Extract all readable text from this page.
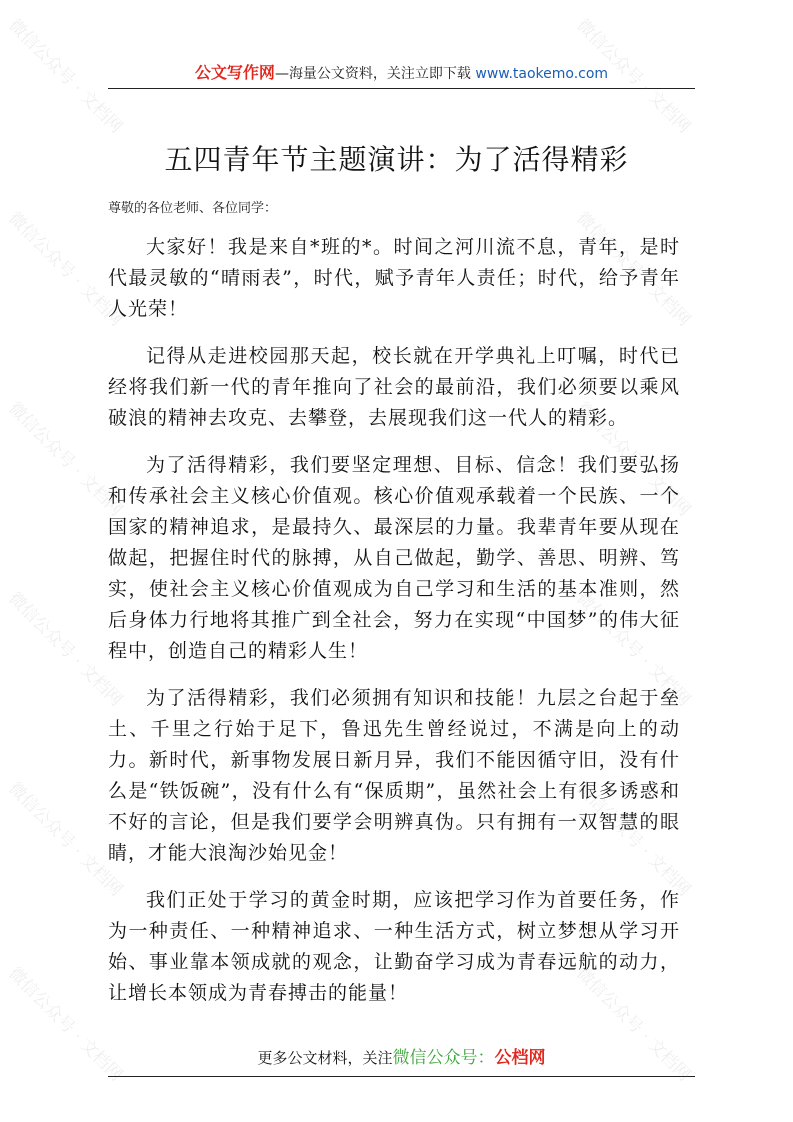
公文写作网—海量公文资料，关注立即下载 www.taokemo.com
五四青年节主题演讲：为了活得精彩
尊敬的各位老师、各位同学：

大家好！我是来自*班的*。时间之河川流不息，青年，是时代最灵敏的“晴雨表”，时代，赋予青年人责任；时代，给予青年人光荣！

记得从走进校园那天起，校长就在开学典礼上叮嘱，时代已经将我们新一代的青年推向了社会的最前沿，我们必须要以乘风破浪的精神去攻克、去攀登，去展现我们这一代人的精彩。

为了活得精彩，我们要坚定理想、目标、信念！我们要弘扬和传承社会主义核心价值观。核心价值观承载着一个民族、一个国家的精神追求，是最持久、最深层的力量。我辈青年要从现在做起，把握住时代的脉搏，从自己做起，勤学、善思、明辨、笃实，使社会主义核心价值观成为自己学习和生活的基本准则，然后身体力行地将其推广到全社会，努力在实现“中国梦”的伟大征程中，创造自己的精彩人生！

为了活得精彩，我们必须拥有知识和技能！九层之台起于垒土、千里之行始于足下，鲁迅先生曾经说过，不满是向上的动力。新时代，新事物发展日新月异，我们不能因循守旧，没有什么是“铁饭碗”，没有什么有“保质期”，虽然社会上有很多诱惑和不好的言论，但是我们要学会明辨真伪。只有拥有一双智慧的眼睛，才能大浪淘沙始见金！

我们正处于学习的黄金时期，应该把学习作为首要任务，作为一种责任、一种精神追求、一种生活方式，树立梦想从学习开始、事业靠本领成就的观念，让勤奋学习成为青春远航的动力，让增长本领成为青春搏击的能量！

更多公文材料，关注微信公众号：公档网
微信公众号 · 文档网	微信公众号 · 文档网
微信公众号 · 文档网	微信公众号 · 文档网
微信公众号 · 文档网	微信公众号 · 文档网
微信公众号 · 文档网	微信公众号 · 文档网
微信公众号 · 文档网	微信公众号 · 文档网
微信公众号 · 文档网	微信公众号 · 文档网
